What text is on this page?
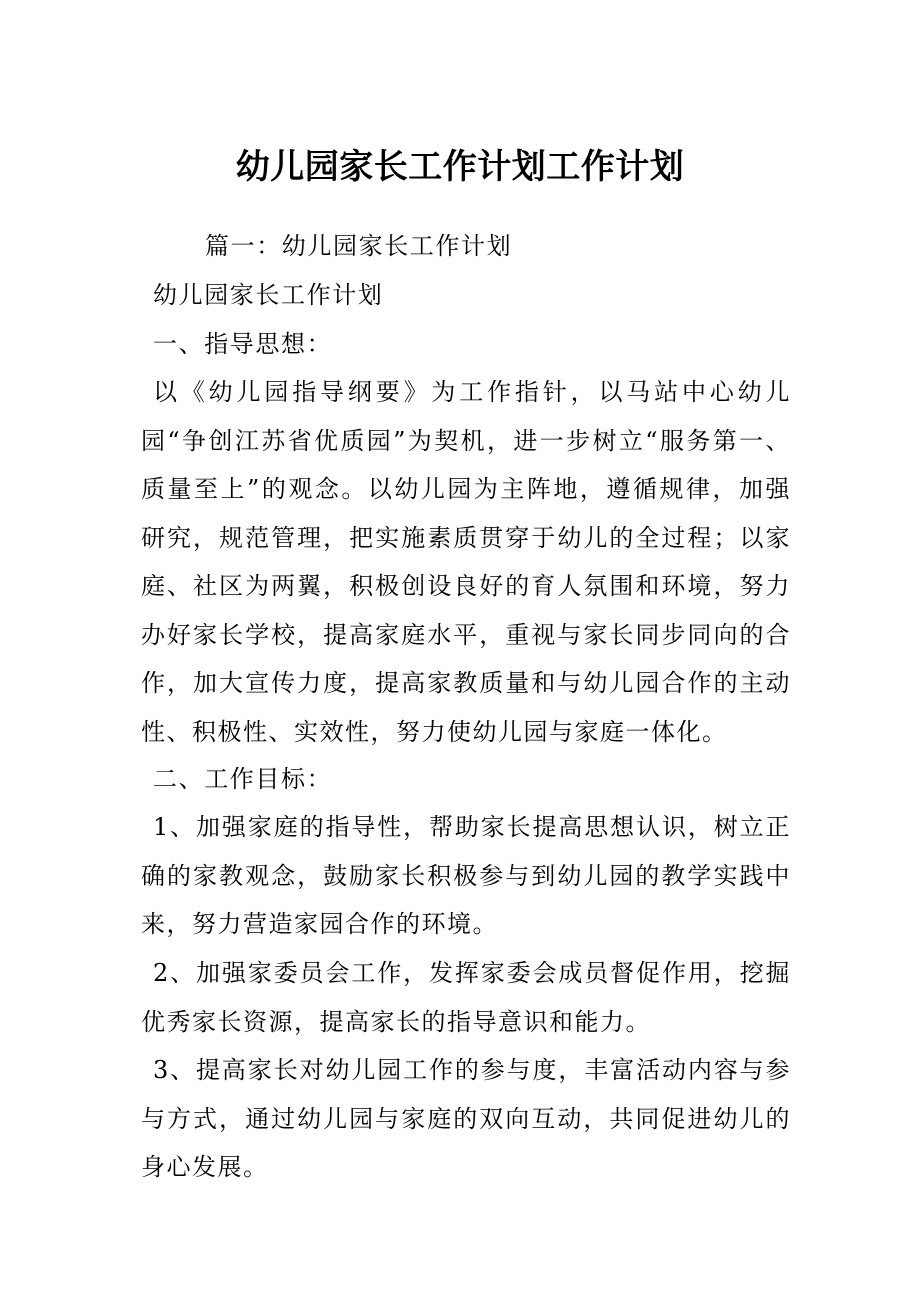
幼儿园家长工作计划工作计划
篇一：幼儿园家长工作计划
幼儿园家长工作计划
一、指导思想：
以《幼儿园指导纲要》为工作指针，以马站中心幼儿园“争创江苏省优质园”为契机，进一步树立“服务第一、质量至上”的观念。以幼儿园为主阵地，遵循规律，加强研究，规范管理，把实施素质贯穿于幼儿的全过程；以家庭、社区为两翼，积极创设良好的育人氛围和环境，努力办好家长学校，提高家庭水平，重视与家长同步同向的合作，加大宣传力度，提高家教质量和与幼儿园合作的主动性、积极性、实效性，努力使幼儿园与家庭一体化。
二、工作目标：
1、加强家庭的指导性，帮助家长提高思想认识，树立正确的家教观念，鼓励家长积极参与到幼儿园的教学实践中来，努力营造家园合作的环境。
2、加强家委员会工作，发挥家委会成员督促作用，挖掘优秀家长资源，提高家长的指导意识和能力。
3、提高家长对幼儿园工作的参与度，丰富活动内容与参与方式，通过幼儿园与家庭的双向互动，共同促进幼儿的身心发展。
